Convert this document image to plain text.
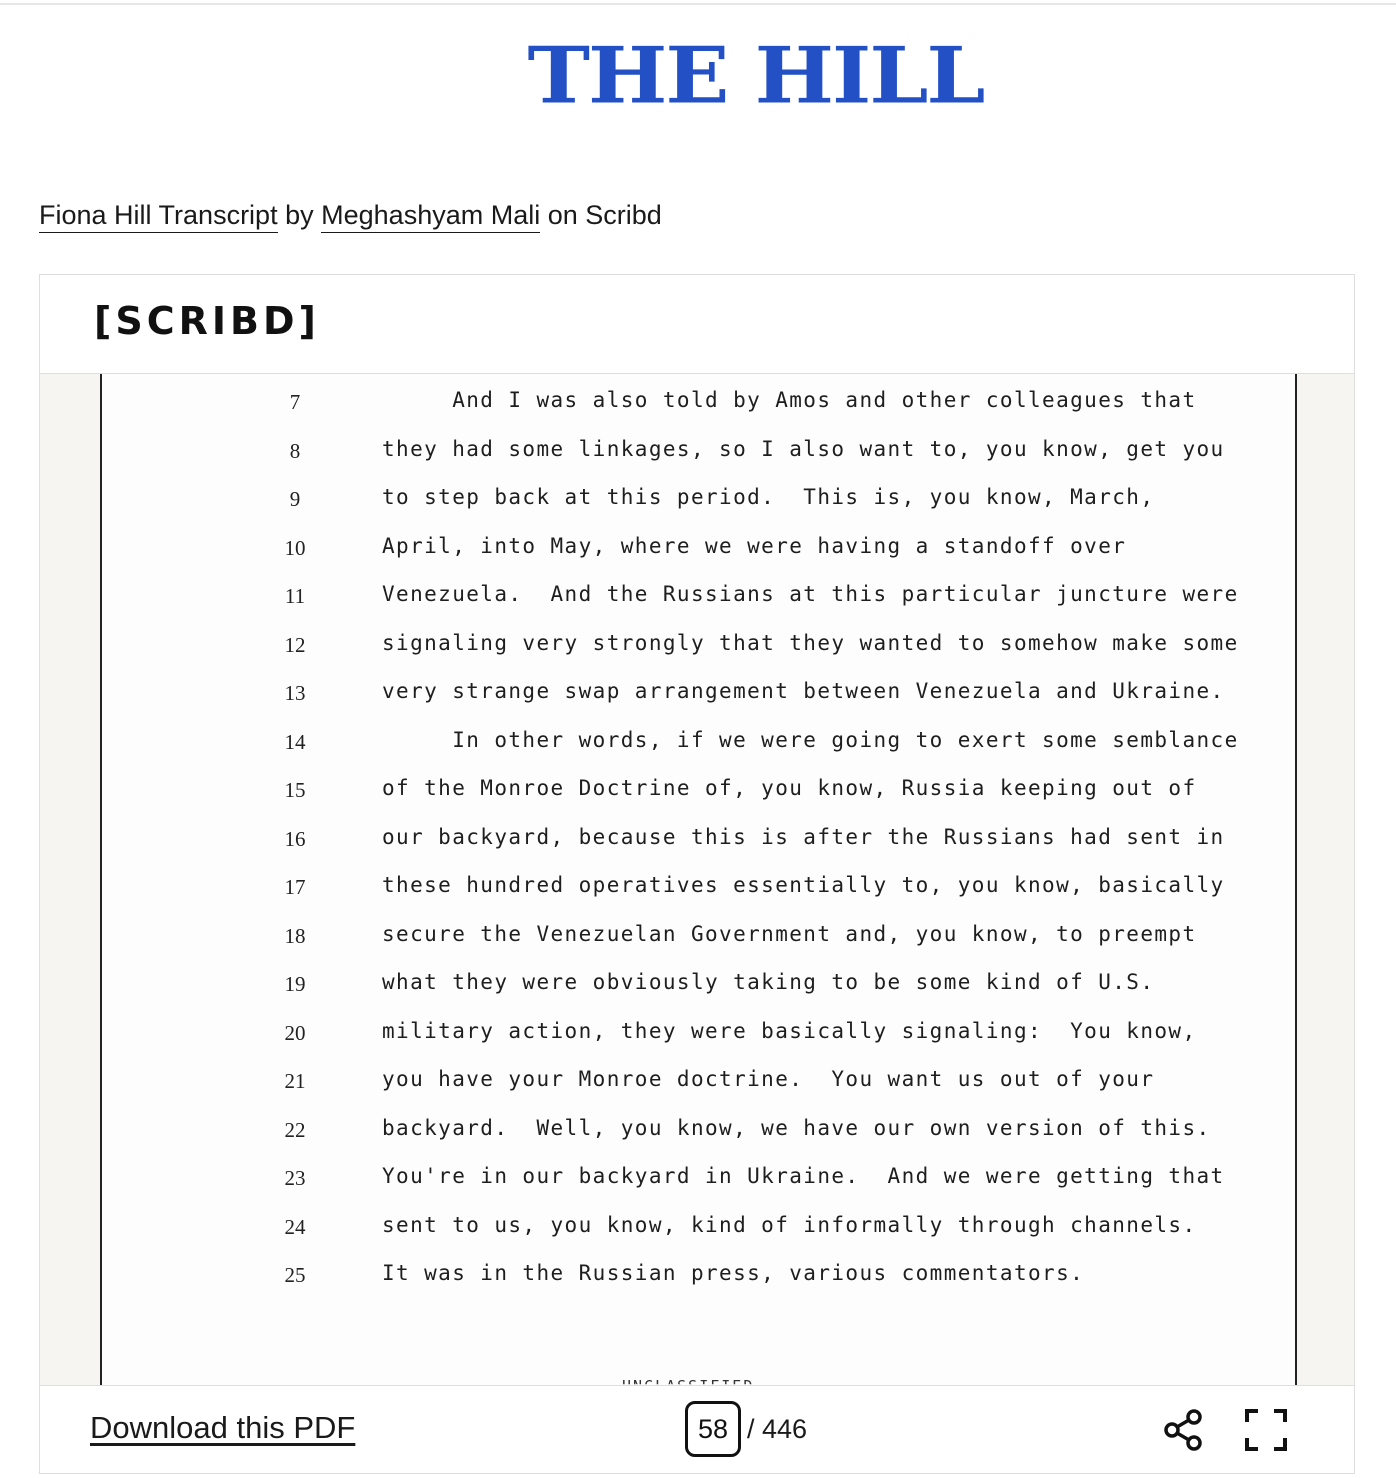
THE HILL
Fiona Hill Transcript by Meghashyam Mali on Scribd
[SCRIBD]
7	And I was also told by Amos and other colleagues that
8	they had some linkages, so I also want to, you know, get you
9	to step back at this period.  This is, you know, March,
10	April, into May, where we were having a standoff over
11	Venezuela.  And the Russians at this particular juncture were
12	signaling very strongly that they wanted to somehow make some
13	very strange swap arrangement between Venezuela and Ukraine.
14	In other words, if we were going to exert some semblance
15	of the Monroe Doctrine of, you know, Russia keeping out of
16	our backyard, because this is after the Russians had sent in
17	these hundred operatives essentially to, you know, basically
18	secure the Venezuelan Government and, you know, to preempt
19	what they were obviously taking to be some kind of U.S.
20	military action, they were basically signaling:  You know,
21	you have your Monroe doctrine.  You want us out of your
22	backyard.  Well, you know, we have our own version of this.
23	You're in our backyard in Ukraine.  And we were getting that
24	sent to us, you know, kind of informally through channels.
25	It was in the Russian press, various commentators.
Download this PDF
58	/ 446
